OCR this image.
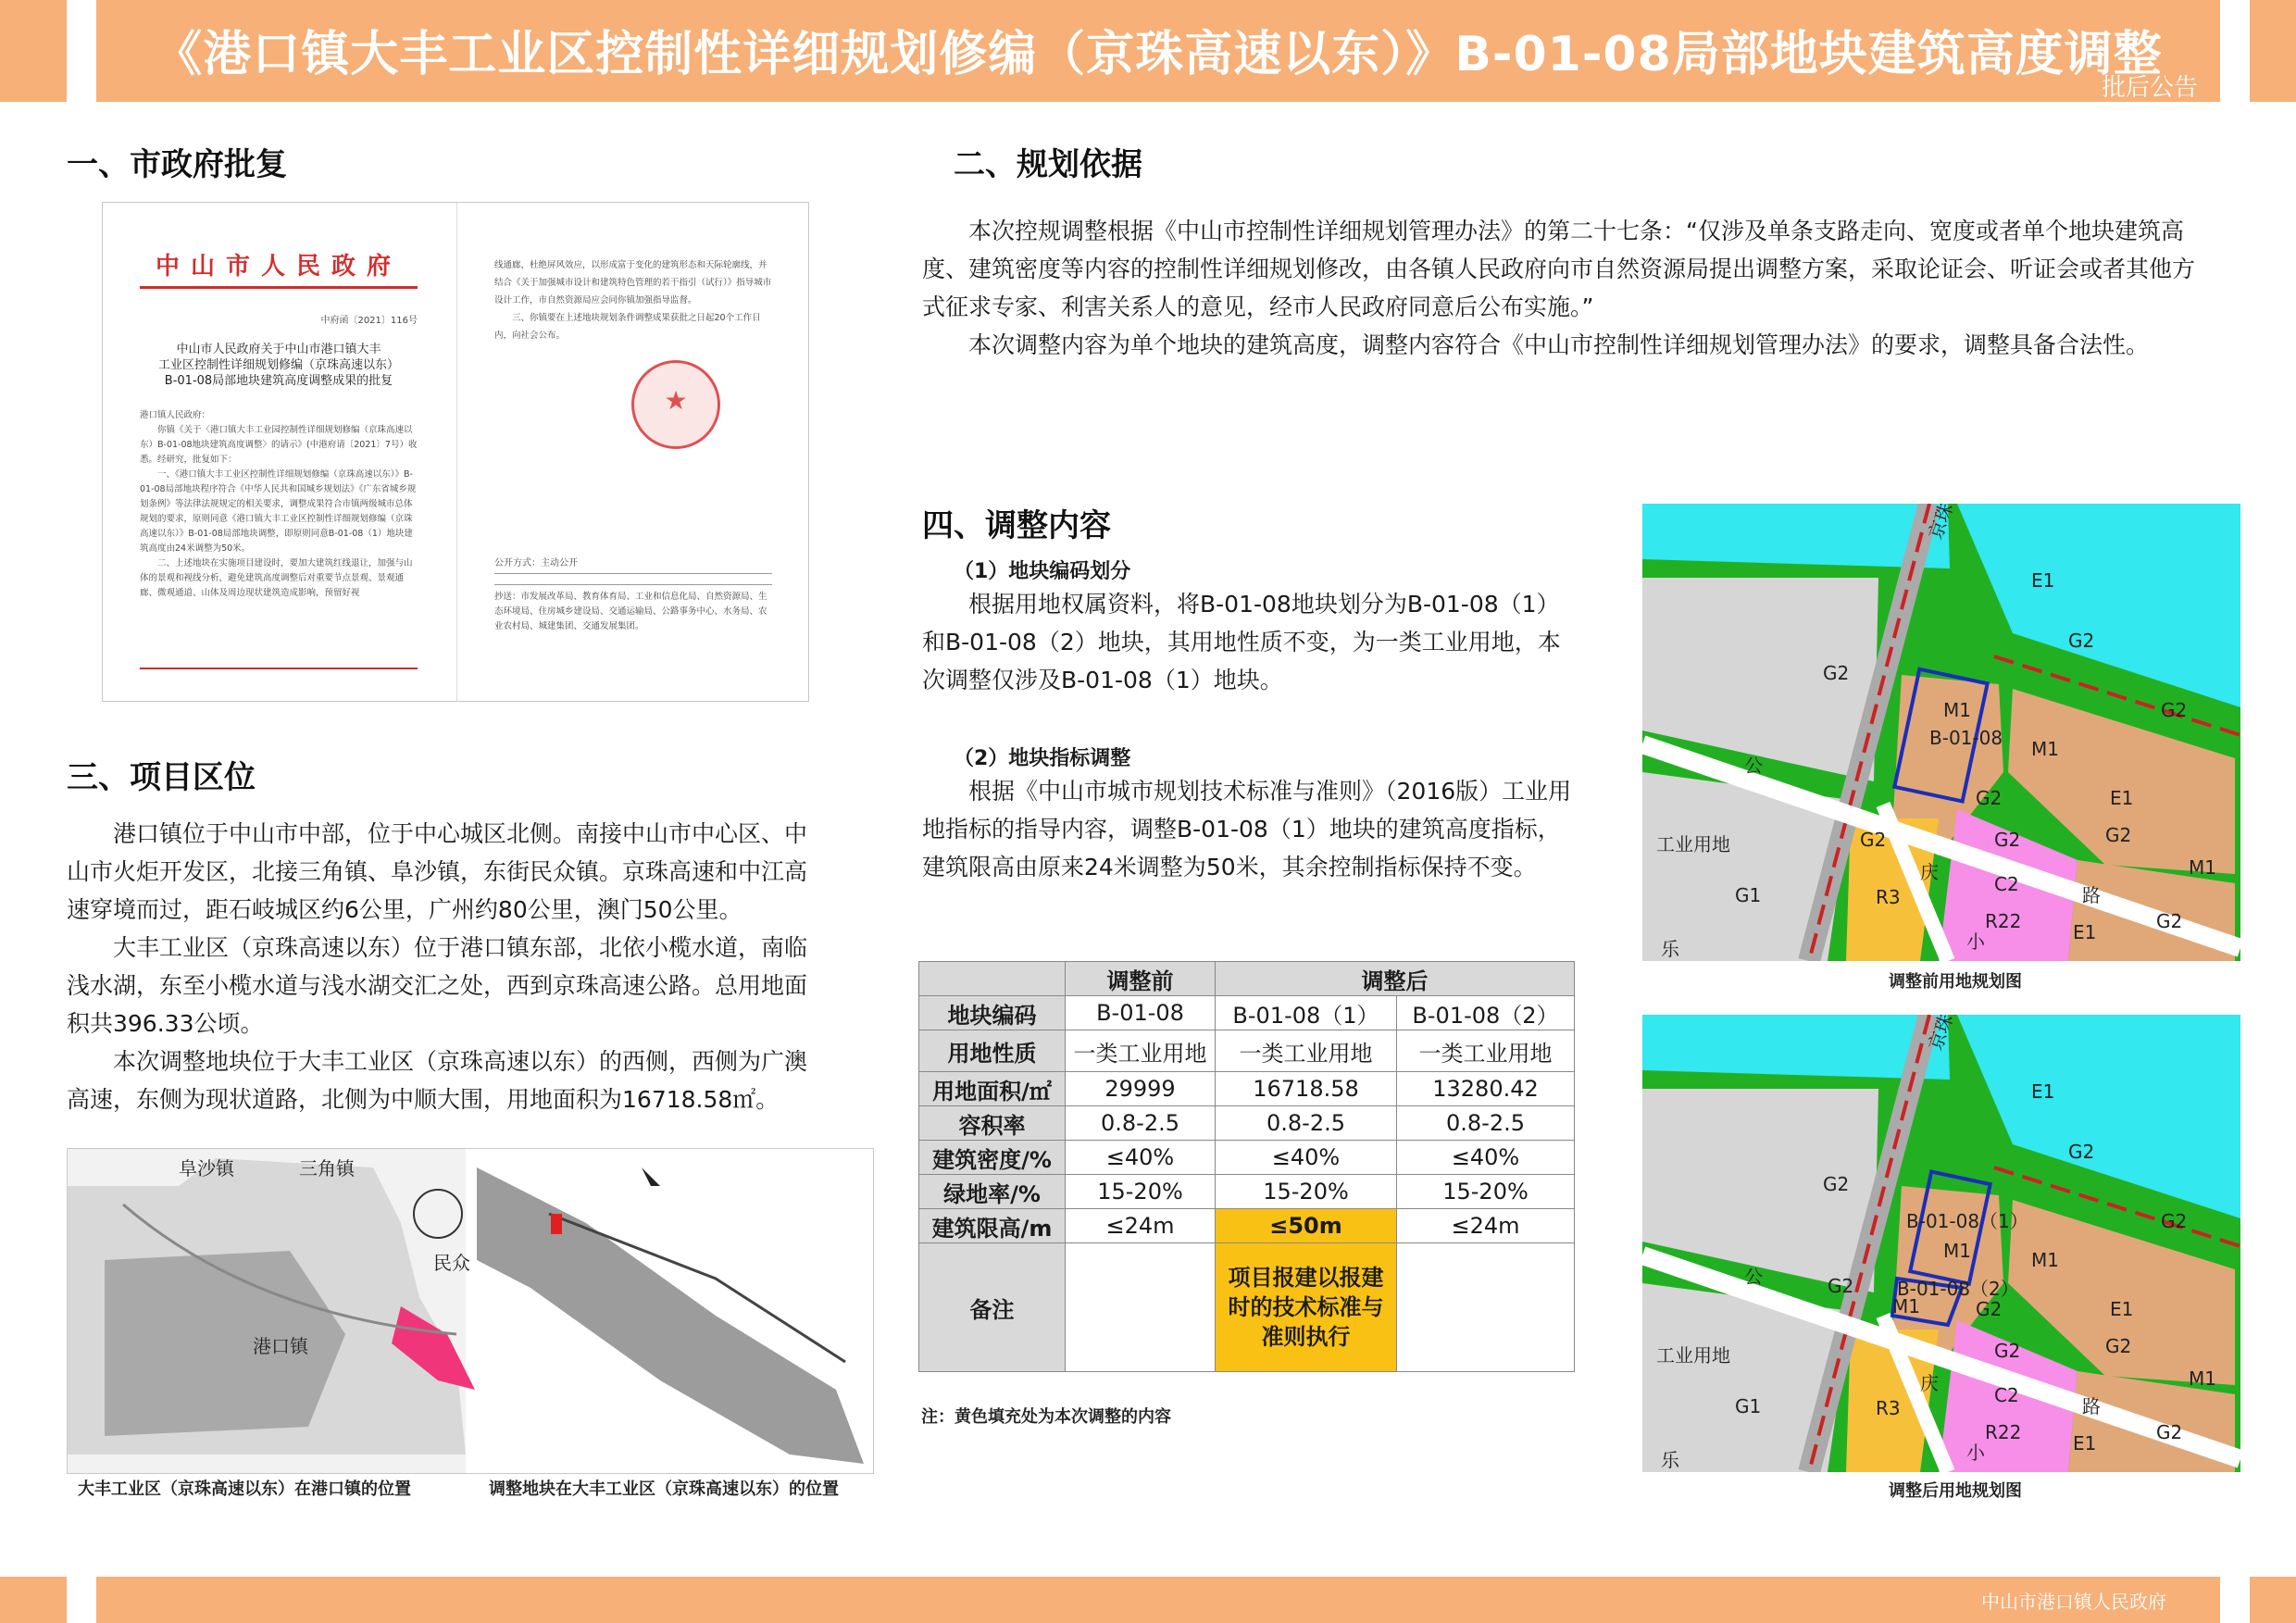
《港口镇大丰工业区控制性详细规划修编（京珠高速以东）》B-01-08局部地块建筑高度调整
批后公告
一、市政府批复
中山市人民政府
中府函〔2021〕116号
中山市人民政府关于中山市港口镇大丰
工业区控制性详细规划修编（京珠高速以东）
B-01-08局部地块建筑高度调整成果的批复
港口镇人民政府：
　　你镇《关于〈港口镇大丰工业园控制性详细规划修编（京珠高速以东）B-01-08地块建筑高度调整〉的请示》(中港府请〔2021〕7号）收悉。经研究，批复如下：
　　一、《港口镇大丰工业区控制性详细规划修编（京珠高速以东）》B-01-08局部地块程序符合《中华人民共和国城乡规划法》《广东省城乡规划条例》等法律法规规定的相关要求，调整成果符合市镇两级城市总体规划的要求，原则同意《港口镇大丰工业区控制性详细规划修编（京珠高速以东）》B-01-08局部地块调整，即原则同意B-01-08（1）地块建筑高度由24米调整为50米。
　　二、上述地块在实施项目建设时，要加大建筑红线退让，加强与山体的景观和视线分析，避免建筑高度调整后对重要节点景观、景观通廊、微观通道、山体及周边现状建筑造成影响，预留好视
线通廊，杜绝屏风效应，以形成富于变化的建筑形态和天际轮廓线，并结合《关于加强城市设计和建筑特色管理的若干指引（试行）》指导城市设计工作，市自然资源局应会同你镇加强指导监督。
　　三、你镇要在上述地块规划条件调整成果获批之日起20个工作日内，向社会公布。
★
公开方式：主动公开
抄送：市发展改革局、教育体育局、工业和信息化局、自然资源局、生态环境局、住房城乡建设局、交通运输局、公路事务中心、水务局、农业农村局、城建集团、交通发展集团。
二、规划依据

本次控规调整根据《中山市控制性详细规划管理办法》的第二十七条：“仅涉及单条支路走向、宽度或者单个地块建筑高度、建筑密度等内容的控制性详细规划修改，由各镇人民政府向市自然资源局提出调整方案，采取论证会、听证会或者其他方式征求专家、利害关系人的意见，经市人民政府同意后公布实施。”

本次调整内容为单个地块的建筑高度，调整内容符合《中山市控制性详细规划管理办法》的要求，调整具备合法性。

三、项目区位

港口镇位于中山市中部，位于中心城区北侧。南接中山市中心区、中山市火炬开发区，北接三角镇、阜沙镇，东街民众镇。京珠高速和中江高速穿境而过，距石岐城区约6公里，广州约80公里，澳门50公里。

大丰工业区（京珠高速以东）位于港口镇东部，北依小榄水道，南临浅水湖，东至小榄水道与浅水湖交汇之处，西到京珠高速公路。总用地面积共396.33公顷。

本次调整地块位于大丰工业区（京珠高速以东）的西侧，西侧为广澳高速，东侧为现状道路，北侧为中顺大围，用地面积为16718.58㎡。

阜沙镇	三角镇
民众
港口镇
大丰工业区（京珠高速以东）在港口镇的位置	调整地块在大丰工业区（京珠高速以东）的位置
四、调整内容
（1）地块编码划分

根据用地权属资料，将B-01-08地块划分为B-01-08（1）和B-01-08（2）地块，其用地性质不变，为一类工业用地，本次调整仅涉及B-01-08（1）地块。

（2）地块指标调整

根据《中山市城市规划技术标准与准则》（2016版）工业用地指标的指导内容，调整B-01-08（1）地块的建筑高度指标，建筑限高由原来24米调整为50米，其余控制指标保持不变。

	调整前	调整后	
地块编码	B-01-08	B-01-08（1）	B-01-08（2）
用地性质	一类工业用地	一类工业用地	一类工业用地
用地面积/㎡	29999	16718.58	13280.42
容积率	0.8-2.5	0.8-2.5	0.8-2.5
建筑密度/%	≤40%	≤40%	≤40%
绿地率/%	15-20%	15-20%	15-20%
建筑限高/m	≤24m	≤50m	≤24m
备注		项目报建以报建时的技术标准与准则执行	
注：黄色填充处为本次调整的内容
B-01-08
M1
E1
G2
G2
G2
M1
G2	E1
G2
M1
公
工业用地
G1
G2	G2
R3
C2
R22
小	E1	G2
乐
庆
路
调整前用地规划图
B-01-08（1）
B-01-08（2）
M1
M1
E1
G2
G2
G2
M1
G2	E1
G2
M1
公
工业用地
G1
G2
G2
R3
C2
R22
小	E1	G2
乐
庆
路
调整后用地规划图
中山市港口镇人民政府
